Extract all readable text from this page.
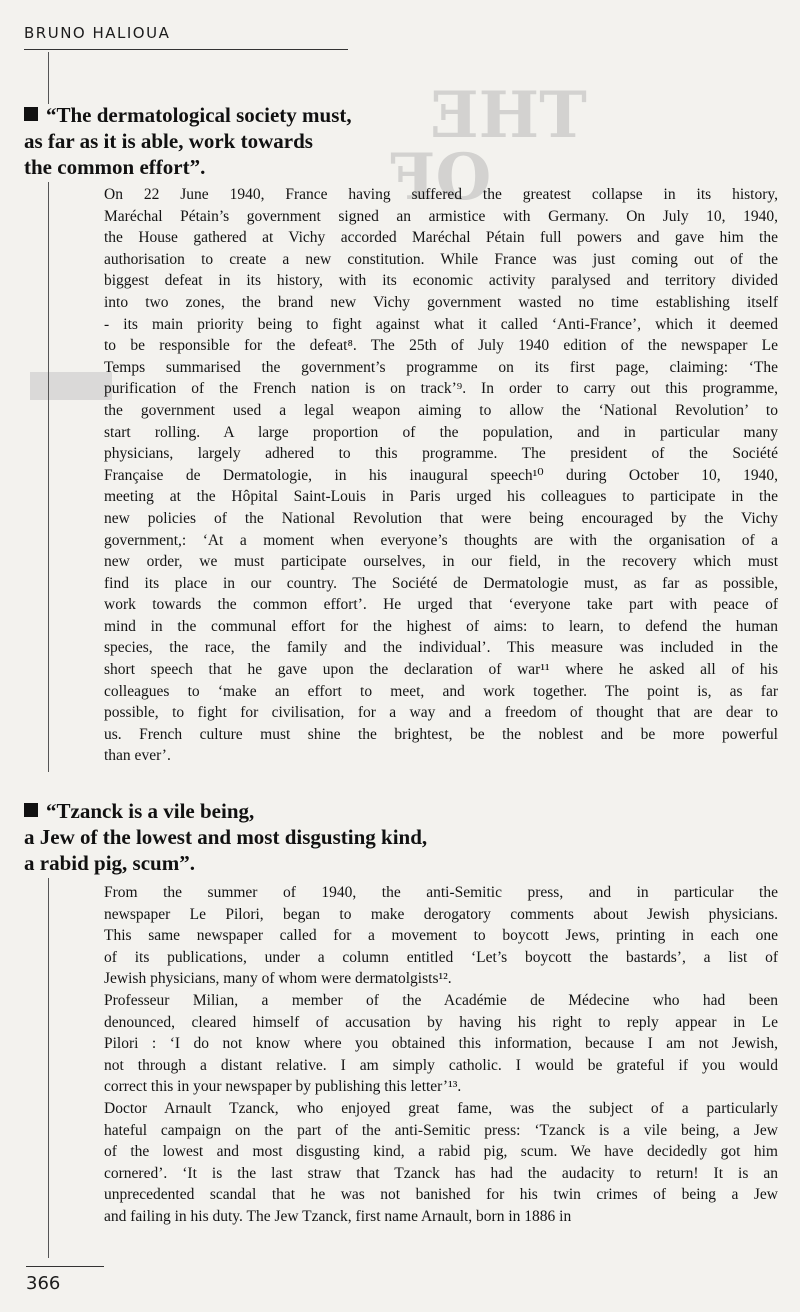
THE
OF
BRUNO HALIOUA
“The dermatological society must,
as far as it is able, work towards
the common effort”.

On 22 June 1940, France having suffered the greatest collapse in its history,
Maréchal Pétain’s government signed an armistice with Germany. On July 10, 1940,
the House gathered at Vichy accorded Maréchal Pétain full powers and gave him the
authorisation to create a new constitution. While France was just coming out of the
biggest defeat in its history, with its economic activity paralysed and territory divided
into two zones, the brand new Vichy government wasted no time establishing itself
- its main priority being to fight against what it called ‘Anti-France’, which it deemed
to be responsible for the defeat⁸. The 25th of July 1940 edition of the newspaper Le
Temps summarised the government’s programme on its first page, claiming: ‘The
purification of the French nation is on track’⁹. In order to carry out this programme,
the government used a legal weapon aiming to allow the ‘National Revolution’ to
start rolling. A large proportion of the population, and in particular many
physicians, largely adhered to this programme. The president of the Société
Française de Dermatologie, in his inaugural speech¹⁰ during October 10, 1940,
meeting at the Hôpital Saint-Louis in Paris urged his colleagues to participate in the
new policies of the National Revolution that were being encouraged by the Vichy
government,: ‘At a moment when everyone’s thoughts are with the organisation of a
new order, we must participate ourselves, in our field, in the recovery which must
find its place in our country. The Société de Dermatologie must, as far as possible,
work towards the common effort’. He urged that ‘everyone take part with peace of
mind in the communal effort for the highest of aims: to learn, to defend the human
species, the race, the family and the individual’. This measure was included in the
short speech that he gave upon the declaration of war¹¹ where he asked all of his
colleagues to ‘make an effort to meet, and work together. The point is, as far
possible, to fight for civilisation, for a way and a freedom of thought that are dear to
us. French culture must shine the brightest, be the noblest and be more powerful
than ever’.

“Tzanck is a vile being,
a Jew of the lowest and most disgusting kind,
a rabid pig, scum”.

From the summer of 1940, the anti-Semitic press, and in particular the
newspaper Le Pilori, began to make derogatory comments about Jewish physicians.
This same newspaper called for a movement to boycott Jews, printing in each one
of its publications, under a column entitled ‘Let’s boycott the bastards’, a list of
Jewish physicians, many of whom were dermatolgists¹².

Professeur Milian, a member of the Académie de Médecine who had been
denounced, cleared himself of accusation by having his right to reply appear in Le
Pilori : ‘I do not know where you obtained this information, because I am not Jewish,
not through a distant relative. I am simply catholic. I would be grateful if you would
correct this in your newspaper by publishing this letter’¹³.

Doctor Arnault Tzanck, who enjoyed great fame, was the subject of a particularly
hateful campaign on the part of the anti-Semitic press: ‘Tzanck is a vile being, a Jew
of the lowest and most disgusting kind, a rabid pig, scum. We have decidedly got him
cornered’. ‘It is the last straw that Tzanck has had the audacity to return! It is an
unprecedented scandal that he was not banished for his twin crimes of being a Jew
and failing in his duty. The Jew Tzanck, first name Arnault, born in 1886 in

366
